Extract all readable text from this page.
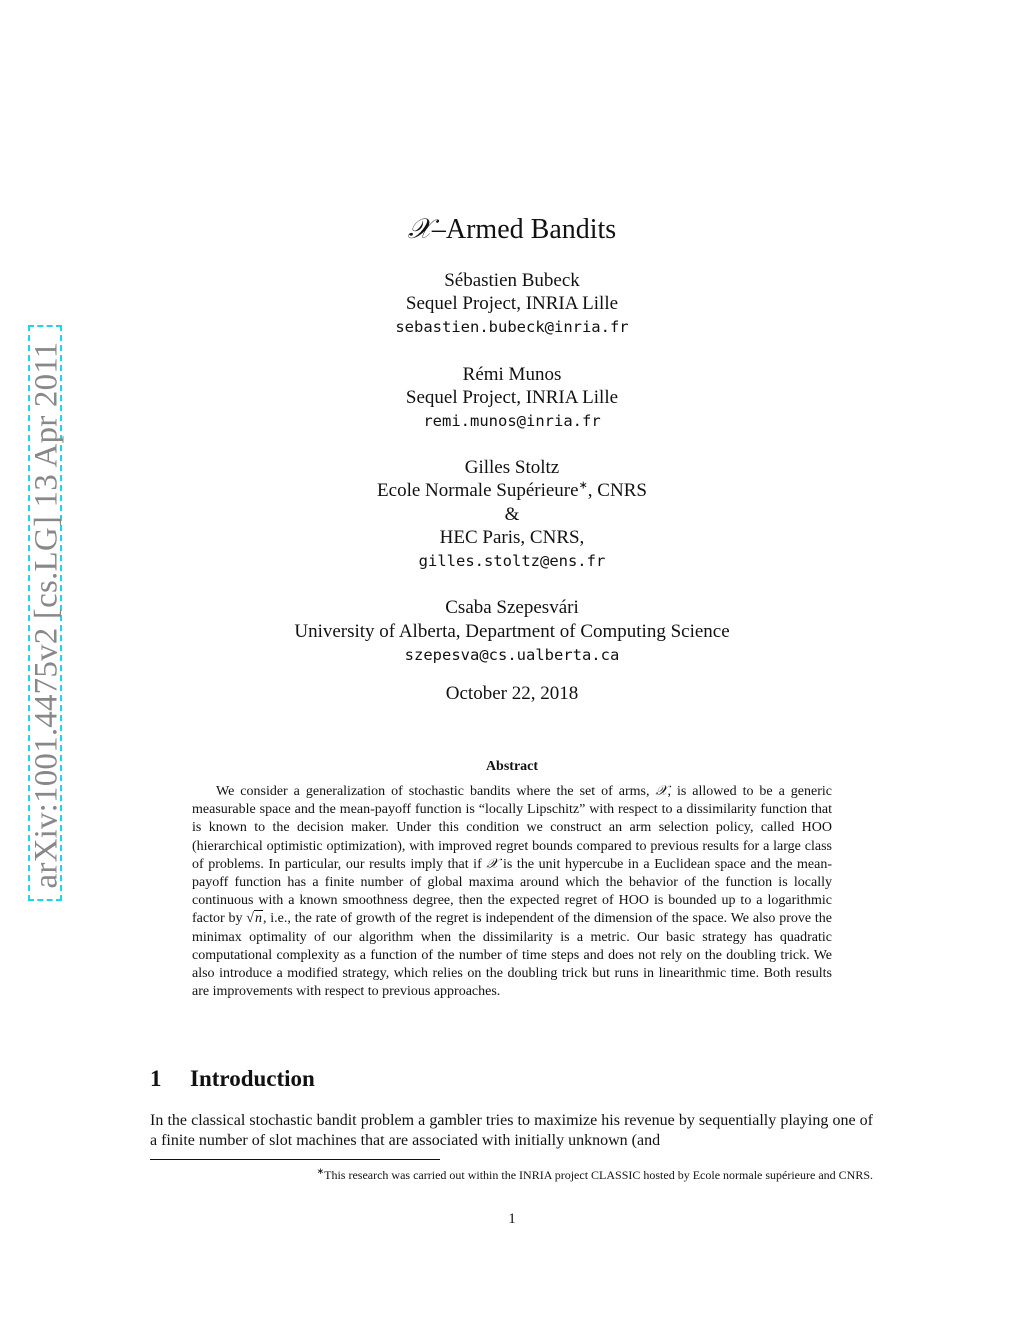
arXiv:1001.4475v2 [cs.LG] 13 Apr 2011
𝒳–Armed Bandits
Sébastien Bubeck
Sequel Project, INRIA Lille
sebastien.bubeck@inria.fr
Rémi Munos
Sequel Project, INRIA Lille
remi.munos@inria.fr
Gilles Stoltz
Ecole Normale Supérieure∗, CNRS
&
HEC Paris, CNRS,
gilles.stoltz@ens.fr
Csaba Szepesvári
University of Alberta, Department of Computing Science
szepesva@cs.ualberta.ca
October 22, 2018
Abstract

We consider a generalization of stochastic bandits where the set of arms, 𝒳, is allowed to be a generic measurable space and the mean-payoff function is “locally Lipschitz” with respect to a dissimilarity function that is known to the decision maker. Under this condition we construct an arm selection policy, called HOO (hierarchical optimistic optimization), with improved regret bounds compared to previous results for a large class of problems. In particular, our results imply that if 𝒳 is the unit hypercube in a Euclidean space and the mean-payoff function has a finite number of global maxima around which the behavior of the function is locally continuous with a known smoothness degree, then the expected regret of HOO is bounded up to a logarithmic factor by √n, i.e., the rate of growth of the regret is independent of the dimension of the space. We also prove the minimax optimality of our algorithm when the dissimilarity is a metric. Our basic strategy has quadratic computational complexity as a function of the number of time steps and does not rely on the doubling trick. We also introduce a modified strategy, which relies on the doubling trick but runs in linearithmic time. Both results are improvements with respect to previous approaches.

1 Introduction

In the classical stochastic bandit problem a gambler tries to maximize his revenue by sequentially playing one of a finite number of slot machines that are associated with initially unknown (and

∗This research was carried out within the INRIA project CLASSIC hosted by Ecole normale supérieure and CNRS.
1
